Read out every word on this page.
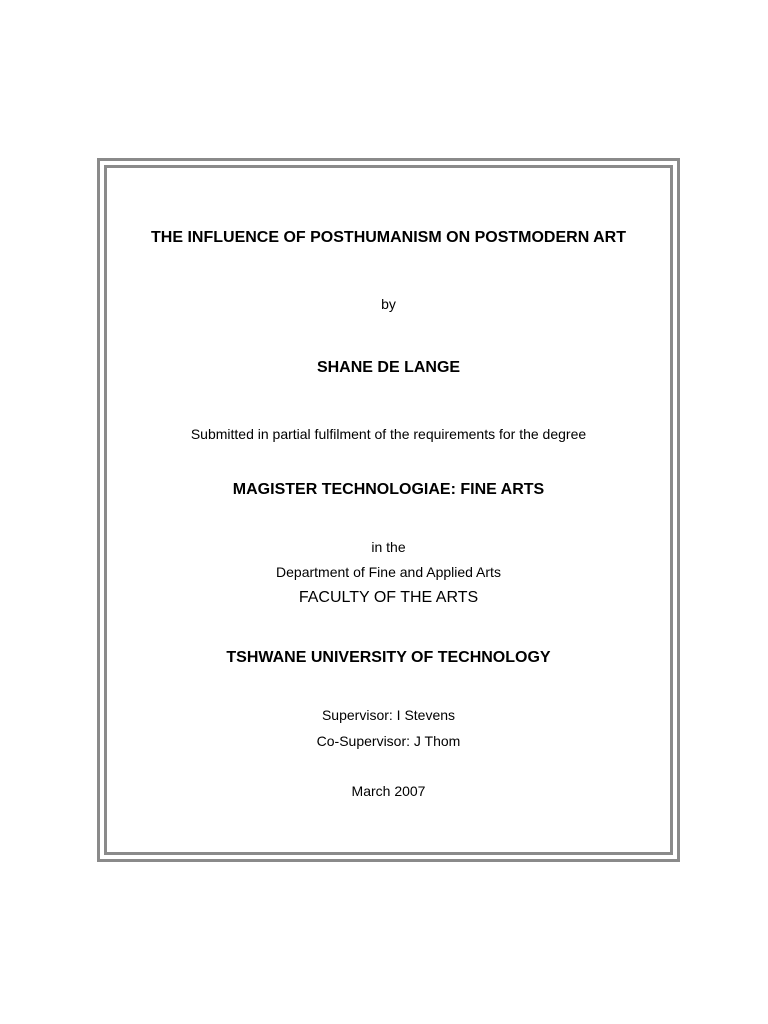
THE INFLUENCE OF POSTHUMANISM ON POSTMODERN ART
by
SHANE DE LANGE
Submitted in partial fulfilment of the requirements for the degree
MAGISTER TECHNOLOGIAE: FINE ARTS
in the
Department of Fine and Applied Arts
FACULTY OF THE ARTS
TSHWANE UNIVERSITY OF TECHNOLOGY
Supervisor: I Stevens
Co-Supervisor: J Thom
March 2007
